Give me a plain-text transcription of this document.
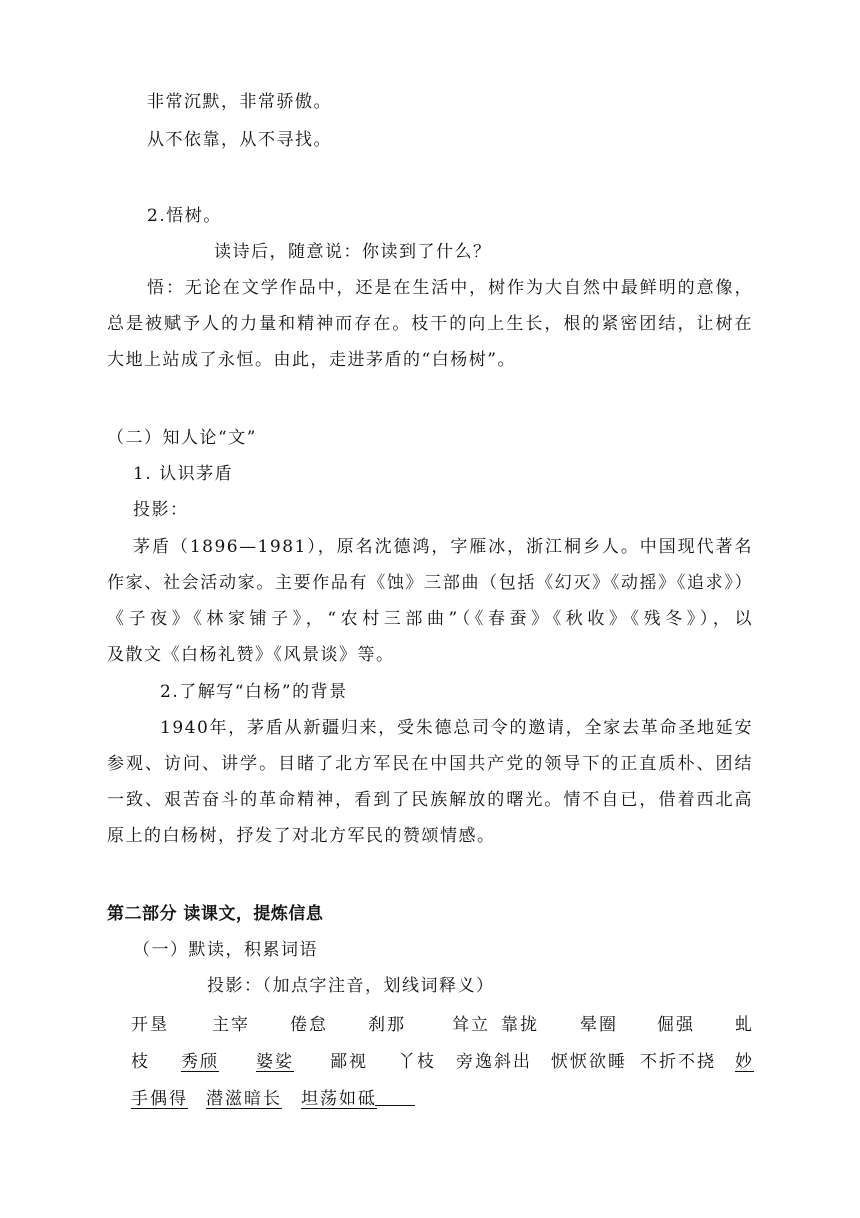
非常沉默，非常骄傲。
从不依靠，从不寻找。
2.悟树。
读诗后，随意说：你读到了什么？
悟：无论在文学作品中，还是在生活中，树作为大自然中最鲜明的意像，
总是被赋予人的力量和精神而存在。枝干的向上生长，根的紧密团结，让树在
大地上站成了永恒。由此，走进茅盾的“白杨树”。
（二）知人论“文”
1. 认识茅盾
投影：
茅盾（1896—1981），原名沈德鸿，字雁冰，浙江桐乡人。中国现代著名
作家、社会活动家。主要作品有《蚀》三部曲（包括《幻灭》《动摇》《追求》）
《子夜》《林家铺子》，“农村三部曲”（《春蚕》《秋收》《残冬》），以
及散文《白杨礼赞》《风景谈》等。
2.了解写“白杨”的背景
1940年，茅盾从新疆归来，受朱德总司令的邀请，全家去革命圣地延安
参观、访问、讲学。目睹了北方军民在中国共产党的领导下的正直质朴、团结
一致、艰苦奋斗的革命精神，看到了民族解放的曙光。情不自已，借着西北高
原上的白杨树，抒发了对北方军民的赞颂情感。
第二部分 读课文，提炼信息
（一）默读，积累词语
投影：（加点字注音，划线词释义）
开垦	主宰 倦怠 刹那	耸立 靠拢 晕圈 倔强 虬
枝 秀颀 婆娑 鄙视 丫枝 旁逸斜出 恹恹欲睡 不折不挠 妙
手偶得 潜滋暗长 坦荡如砥
